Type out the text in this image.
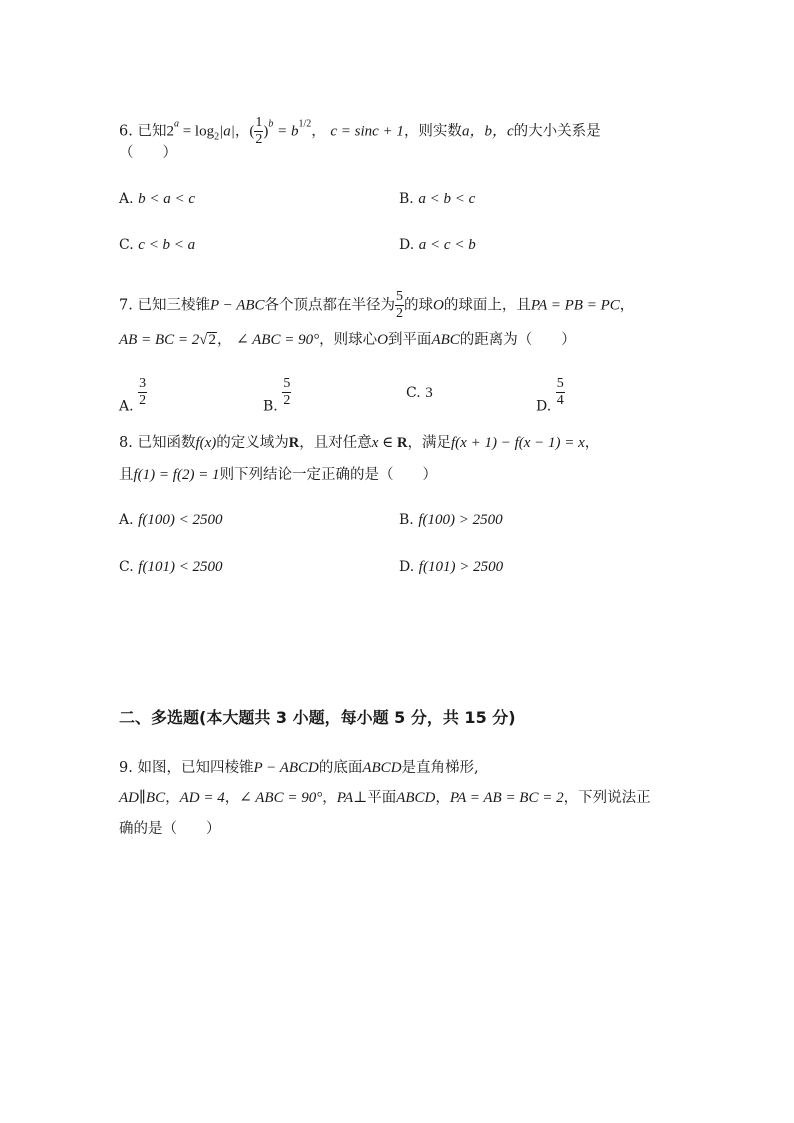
6. 已知$2^a = \log_2|a|$，( $\frac{1}{2} )^b = b^{1/2}$， c = sinc + 1，则实数a，b，c的大小关系是
（　　）
A. b < a < c	B. a < b < c
C. c < b < a	D. a < c < b
7. 已知三棱锥P − ABC各个顶点都在半径为 $\frac{5}{2}$ 的球O的球面上，且PA = PB = PC，
AB = BC = 2√2， ∠ ABC = 90°，则球心O到平面ABC的距离为（　　）
A. $\frac{3}{2}$	B. $\frac{5}{2}$	C. 3
D. $\frac{5}{4}$
8. 已知函数f(x)的定义域为R，且对任意x ∈ R，满足f(x + 1) − f(x − 1) = x，
且f(1) = f(2) = 1则下列结论一定正确的是（　　）
A. f(100) < 2500	B. f(100) > 2500
C. f(101) < 2500	D. f(101) > 2500
二、多选题(本大题共 3 小题，每小题 5 分，共 15 分)
9. 如图，已知四棱锥P − ABCD的底面ABCD是直角梯形,
AD∥BC，AD = 4，∠ ABC = 90°，PA⊥平面ABCD，PA = AB = BC = 2，下列说法正
确的是（　　）
